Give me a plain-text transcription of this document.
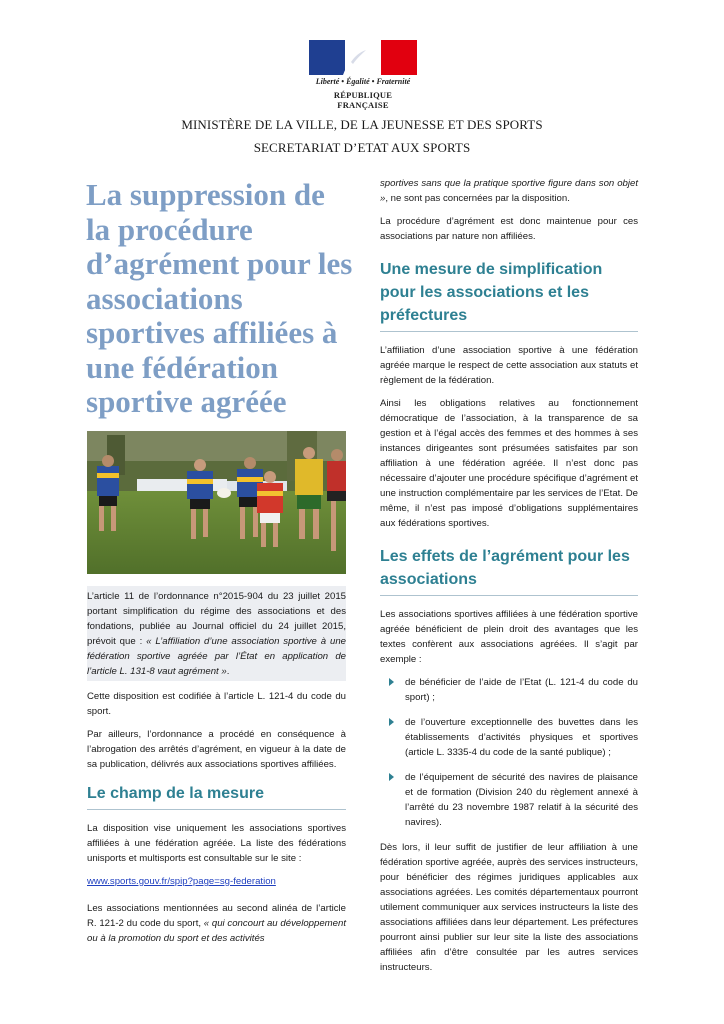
Liberté • Égalité • Fraternité
RÉPUBLIQUE FRANÇAISE
MINISTÈRE DE LA VILLE, DE LA JEUNESSE ET DES SPORTS
SECRETARIAT D’ETAT AUX SPORTS
La suppression de la procédure d’agrément pour les associations sportives affiliées à une fédération sportive agréée

L’article 11 de l’ordonnance n°2015-904 du 23 juillet 2015 portant simplification du régime des associations et des fondations, publiée au Journal officiel du 24 juillet 2015, prévoit que : « L’affiliation d’une association sportive à une fédération sportive agréée par l’État en application de l’article L. 131-8 vaut agrément ».

Cette disposition est codifiée à l’article L. 121-4 du code du sport.

Par ailleurs, l’ordonnance a procédé en conséquence à l’abrogation des arrêtés d’agrément, en vigueur à la date de sa publication, délivrés aux associations sportives affiliées.

Le champ de la mesure

La disposition vise uniquement les associations sportives affiliées à une fédération agréée. La liste des fédérations unisports et multisports est consultable sur le site :

www.sports.gouv.fr/spip?page=sg-federation

Les associations mentionnées au second alinéa de l’article R. 121-2 du code du sport, « qui concourt au développement ou à la promotion du sport et des activités

sportives sans que la pratique sportive figure dans son objet », ne sont pas concernées par la disposition.

La procédure d’agrément est donc maintenue pour ces associations par nature non affiliées.

Une mesure de simplification pour les associations et les préfectures

L’affiliation d’une association sportive à une fédération agréée marque le respect de cette association aux statuts et règlement de la fédération.

Ainsi les obligations relatives au fonctionnement démocratique de l’association, à la transparence de sa gestion et à l’égal accès des femmes et des hommes à ses instances dirigeantes sont présumées satisfaites par son affiliation à une fédération agréée. Il n’est donc pas nécessaire d’ajouter une procédure spécifique d’agrément et une instruction complémentaire par les services de l’Etat. De même, il n’est pas imposé d’obligations supplémentaires aux fédérations sportives.

Les effets de l’agrément pour les associations

Les associations sportives affiliées à une fédération sportive agréée bénéficient de plein droit des avantages que les textes confèrent aux associations agréées. Il s’agit par exemple :

de bénéficier de l’aide de l’Etat (L. 121-4 du code du sport) ;
de l’ouverture exceptionnelle des buvettes dans les établissements d’activités physiques et sportives (article L. 3335-4 du code de la santé publique) ;
de l’équipement de sécurité des navires de plaisance et de formation (Division 240 du règlement annexé à l’arrêté du 23 novembre 1987 relatif à la sécurité des navires).

Dès lors, il leur suffit de justifier de leur affiliation à une fédération sportive agréée, auprès des services instructeurs, pour bénéficier des régimes juridiques applicables aux associations agréées. Les comités départementaux pourront utilement communiquer aux services instructeurs la liste des associations affiliées dans leur département. Les préfectures pourront ainsi publier sur leur site la liste des associations affiliées afin d’être consultée par les autres services instructeurs.
